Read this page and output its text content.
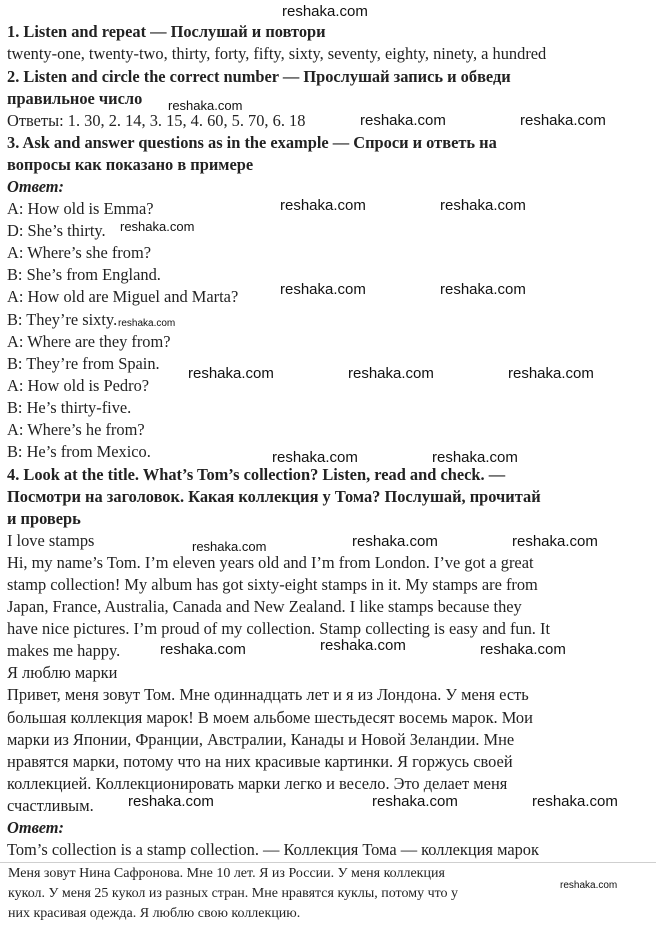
1. Listen and repeat — Послушай и повтори
twenty-one, twenty-two, thirty, forty, fifty, sixty, seventy, eighty, ninety, a hundred
2. Listen and circle the correct number — Прослушай запись и обведи
правильное число
Ответы: 1. 30, 2. 14, 3. 15, 4. 60, 5. 70, 6. 18
3. Ask and answer questions as in the example — Спроси и ответь на
вопросы как показано в примере
Ответ:
A: How old is Emma?
D: She’s thirty.
A: Where’s she from?
B: She’s from England.
A: How old are Miguel and Marta?
B: They’re sixty.
A: Where are they from?
B: They’re from Spain.
A: How old is Pedro?
B: He’s thirty-five.
A: Where’s he from?
B: He’s from Mexico.
4. Look at the title. What’s Tom’s collection? Listen, read and check. —
Посмотри на заголовок. Какая коллекция у Тома? Послушай, прочитай
и проверь
I love stamps
Hi, my name’s Tom. I’m eleven years old and I’m from London. I’ve got a great
stamp collection! My album has got sixty-eight stamps in it. My stamps are from
Japan, France, Australia, Canada and New Zealand. I like stamps because they
have nice pictures. I’m proud of my collection. Stamp collecting is easy and fun. It
makes me happy.
Я люблю марки
Привет, меня зовут Том. Мне одиннадцать лет и я из Лондона. У меня есть
большая коллекция марок! В моем альбоме шестьдесят восемь марок. Мои
марки из Японии, Франции, Австралии, Канады и Новой Зеландии. Мне
нравятся марки, потому что на них красивые картинки. Я горжусь своей
коллекцией. Коллекционировать марки легко и весело. Это делает меня
счастливым.
Ответ:
Tom’s collection is a stamp collection. — Коллекция Тома — коллекция марок
Меня зовут Нина Сафронова. Мне 10 лет. Я из России. У меня коллекция
кукол. У меня 25 кукол из разных стран. Мне нравятся куклы, потому что у
них красивая одежда. Я люблю свою коллекцию.
reshaka.com
reshaka.com
reshaka.com	reshaka.com
reshaka.com	reshaka.com
reshaka.com
reshaka.com	reshaka.com
reshaka.com
reshaka.com	reshaka.com	reshaka.com
reshaka.com	reshaka.com
reshaka.com	reshaka.com
reshaka.com
reshaka.com	reshaka.com	reshaka.com
reshaka.com	reshaka.com	reshaka.com
reshaka.com
